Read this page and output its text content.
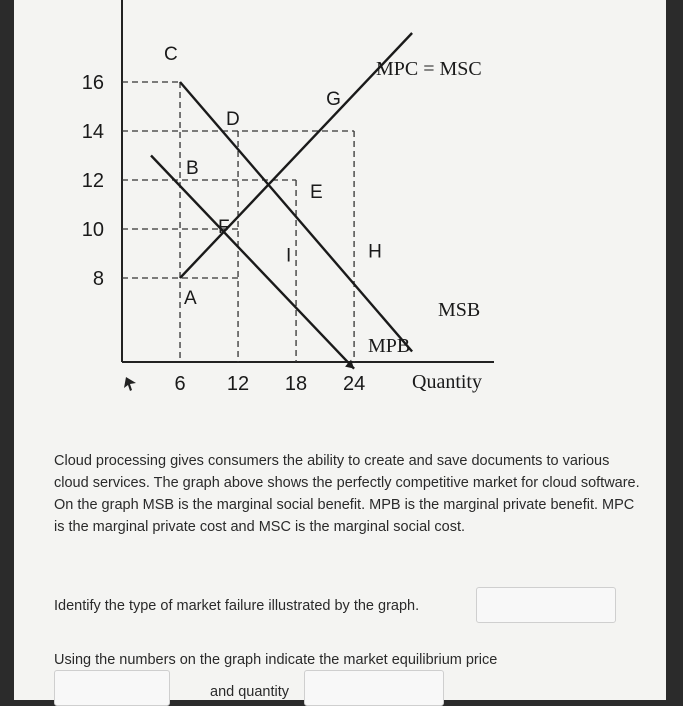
MPC = MSC
MSB
MPB
8
10
12
14
16
6 12 18 24 Quantity
C
D
G
B
E
H
F
I
A
Cloud processing gives consumers the ability to create and save documents to various cloud services. The graph above shows the perfectly competitive market for cloud software. On the graph MSB is the marginal social benefit. MPB is the marginal private benefit. MPC is the marginal private cost and MSC is the marginal social cost.
Identify the type of market failure illustrated by the graph.
Using the numbers on the graph indicate the market equilibrium price
and quantity
